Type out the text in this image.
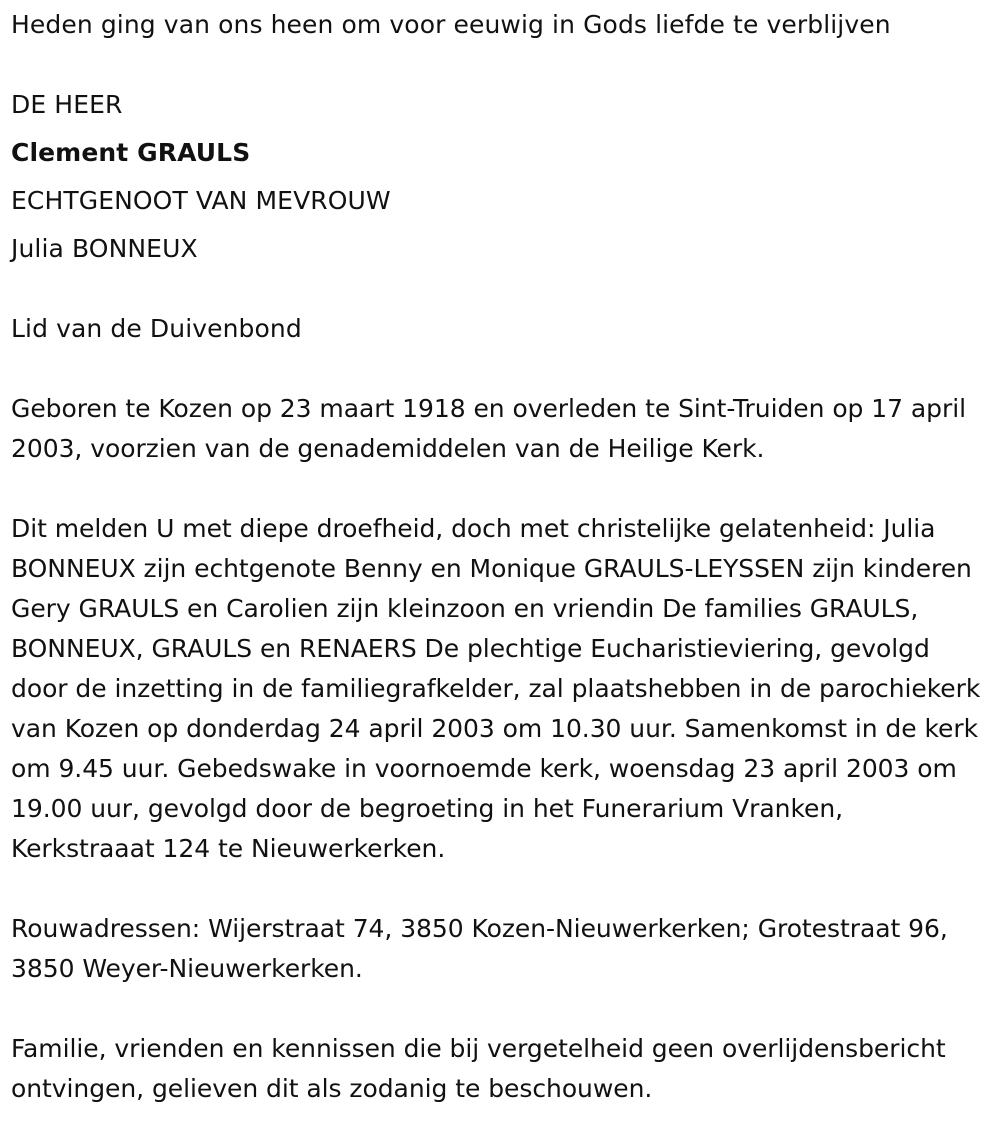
Heden ging van ons heen om voor eeuwig in Gods liefde te verblijven
DE HEER
Clement GRAULS
ECHTGENOOT VAN MEVROUW
Julia BONNEUX
Lid van de Duivenbond
Geboren te Kozen op 23 maart 1918 en overleden te Sint-Truiden op 17 april 2003, voorzien van de genademiddelen van de Heilige Kerk.
Dit melden U met diepe droefheid, doch met christelijke gelatenheid: Julia BONNEUX zijn echtgenote Benny en Monique GRAULS-LEYSSEN zijn kinderen Gery GRAULS en Carolien zijn kleinzoon en vriendin De families GRAULS, BONNEUX, GRAULS en RENAERS De plechtige Eucharistieviering, gevolgd door de inzetting in de familiegrafkelder, zal plaatshebben in de parochiekerk van Kozen op donderdag 24 april 2003 om 10.30 uur. Samenkomst in de kerk om 9.45 uur. Gebedswake in voornoemde kerk, woensdag 23 april 2003 om 19.00 uur, gevolgd door de begroeting in het Funerarium Vranken, Kerkstraaat 124 te Nieuwerkerken.
Rouwadressen: Wijerstraat 74, 3850 Kozen-Nieuwerkerken; Grotestraat 96, 3850 Weyer-Nieuwerkerken.
Familie, vrienden en kennissen die bij vergetelheid geen overlijdensbericht ontvingen, gelieven dit als zodanig te beschouwen.
